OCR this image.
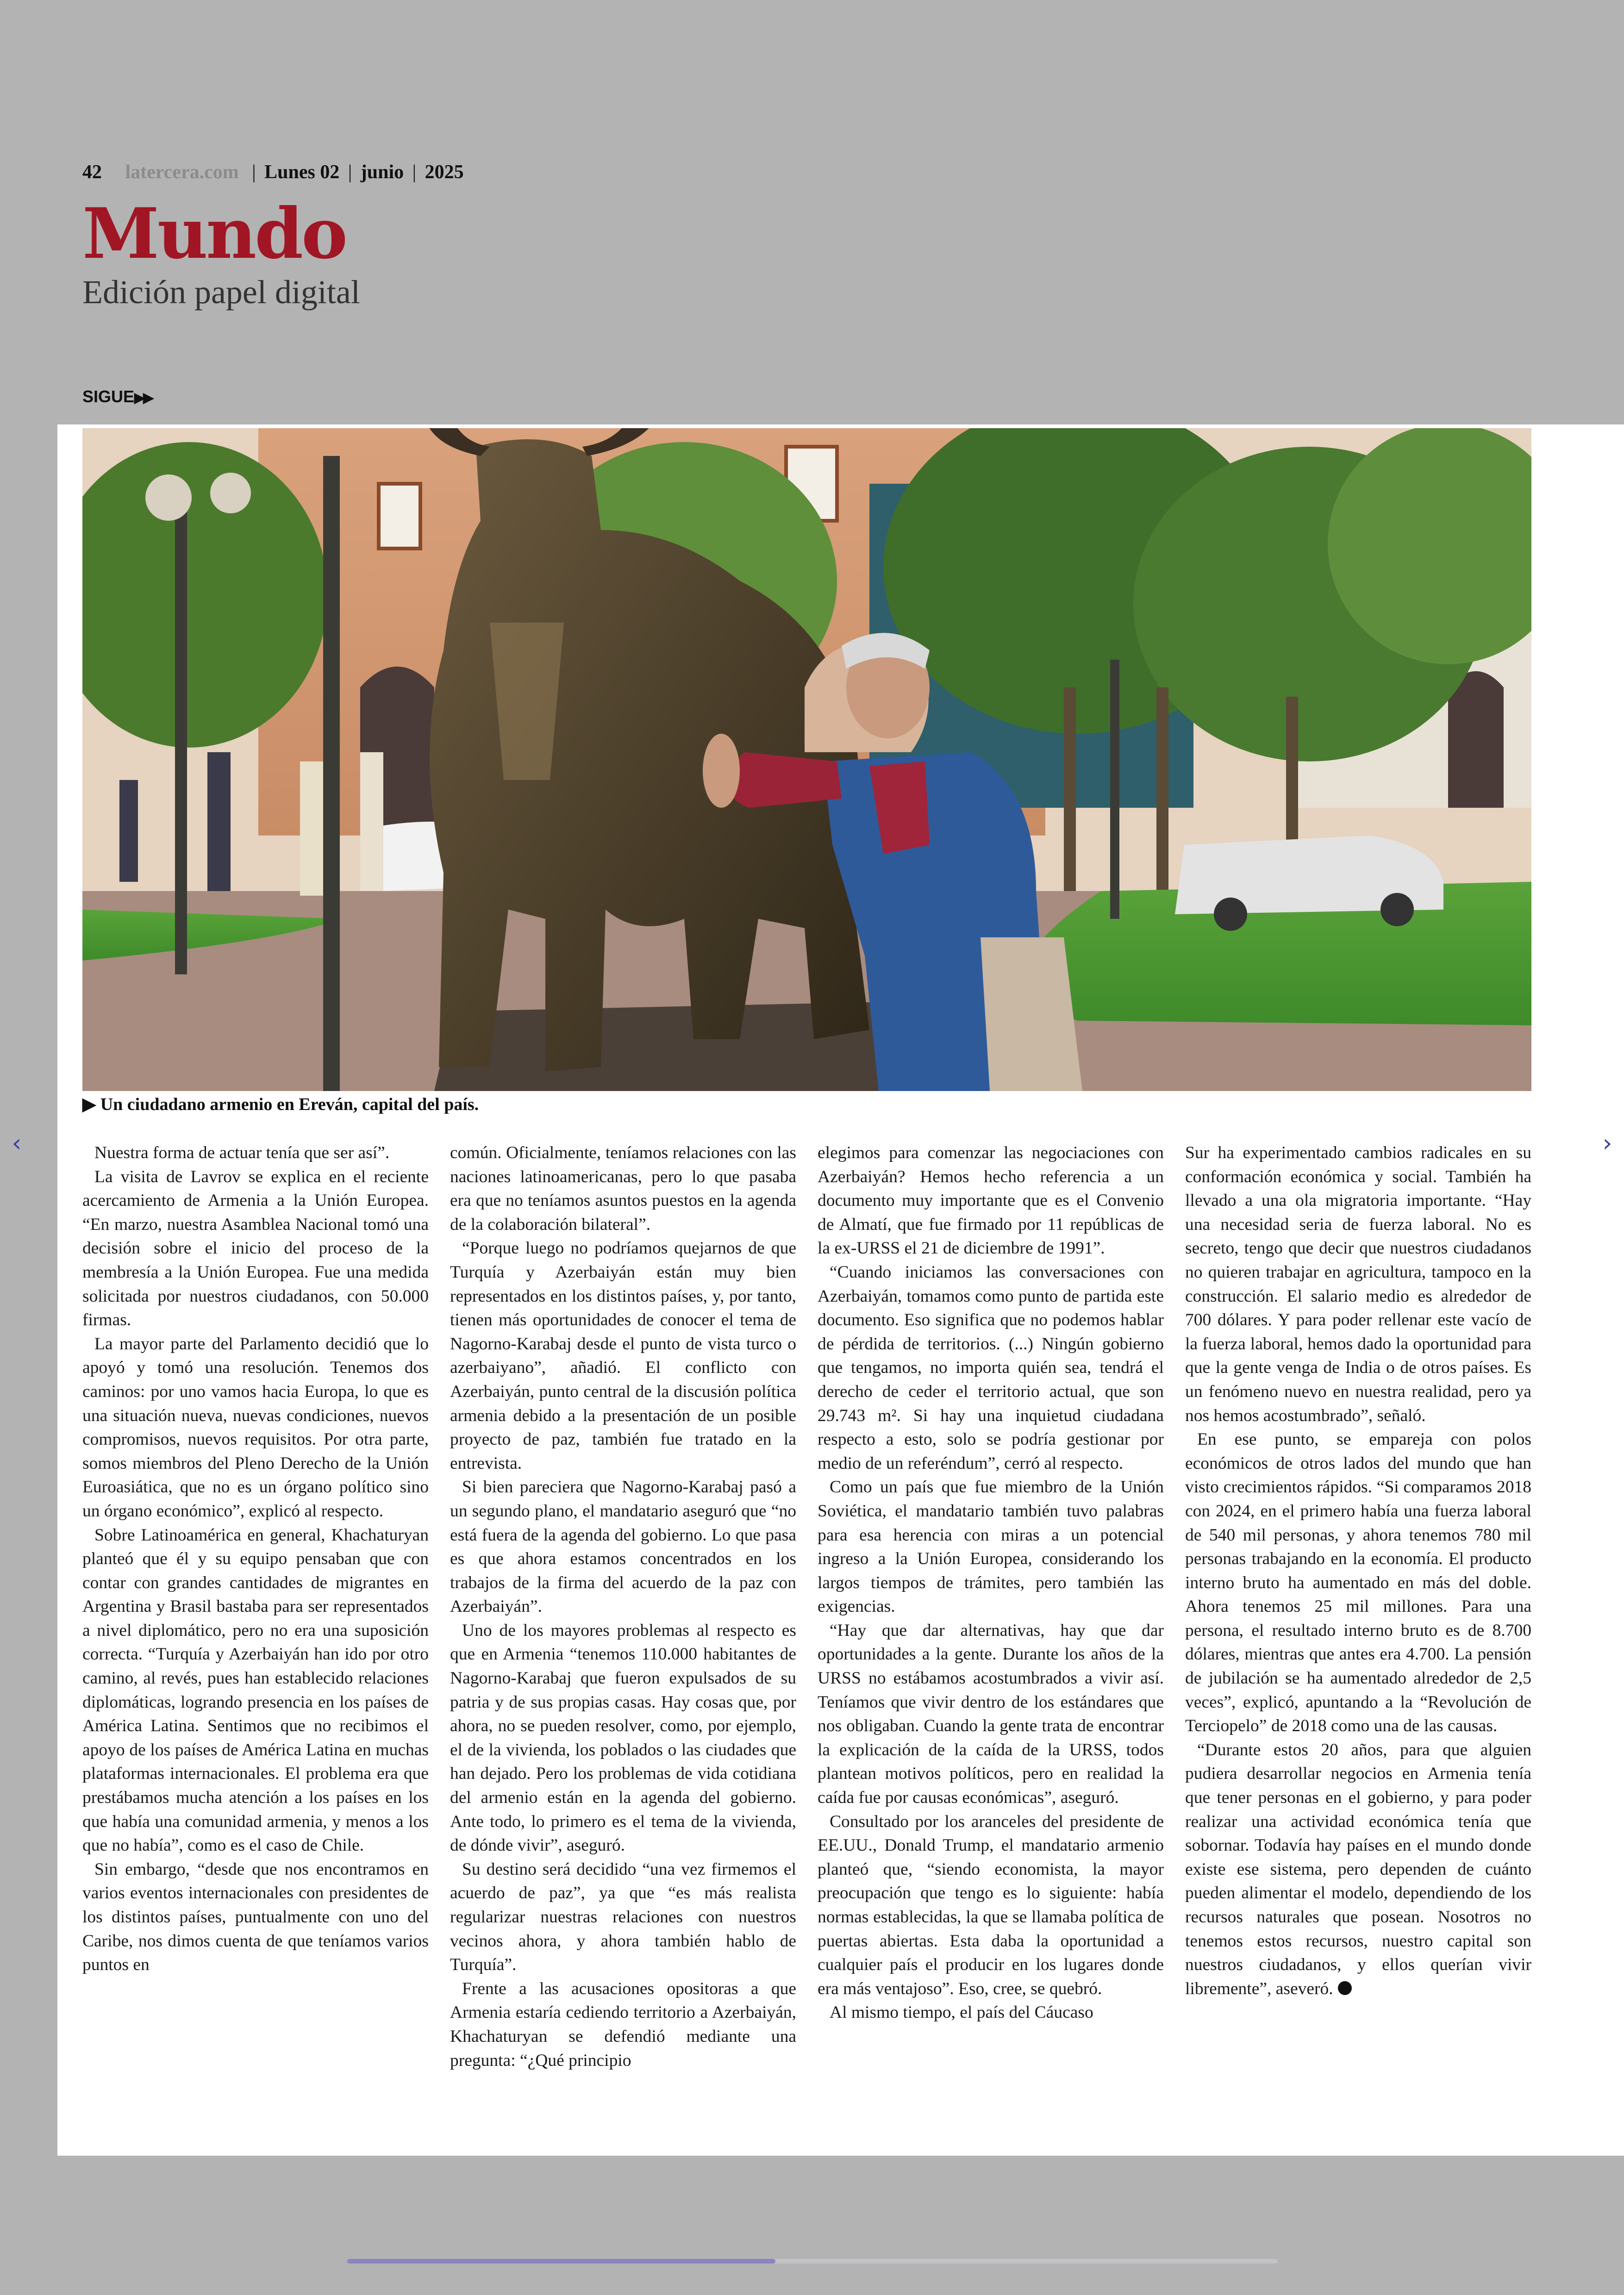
42 latercera.com | Lunes 02 | junio | 2025
Mundo
Edición papel digital
SIGUE▶▶
▶ Un ciudadano armenio en Ereván, capital del país.

Nuestra forma de actuar tenía que ser así”.

La visita de Lavrov se explica en el reciente acercamiento de Armenia a la Unión Europea. “En marzo, nuestra Asamblea Nacional tomó una decisión sobre el inicio del proceso de la membresía a la Unión Europea. Fue una medida solicitada por nuestros ciudadanos, con 50.000 firmas.

La mayor parte del Parlamento decidió que lo apoyó y tomó una resolución. Tenemos dos caminos: por uno vamos hacia Europa, lo que es una situación nueva, nuevas condiciones, nuevos compromisos, nuevos requisitos. Por otra parte, somos miembros del Pleno Derecho de la Unión Euroasiática, que no es un órgano político sino un órgano económico”, explicó al respecto.

Sobre Latinoamérica en general, Khachaturyan planteó que él y su equipo pensaban que con contar con grandes cantidades de migrantes en Argentina y Brasil bastaba para ser representados a nivel diplomático, pero no era una suposición correcta. “Turquía y Azerbaiyán han ido por otro camino, al revés, pues han establecido relaciones diplomáticas, logrando presencia en los países de América Latina. Sentimos que no recibimos el apoyo de los países de América Latina en muchas plataformas internacionales. El problema era que prestábamos mucha atención a los países en los que había una comunidad armenia, y menos a los que no había”, como es el caso de Chile.

Sin embargo, “desde que nos encontramos en varios eventos internacionales con presidentes de los distintos países, puntualmente con uno del Caribe, nos dimos cuenta de que teníamos varios puntos en

común. Oficialmente, teníamos relaciones con las naciones latinoamericanas, pero lo que pasaba era que no teníamos asuntos puestos en la agenda de la colaboración bilateral”.

“Porque luego no podríamos quejarnos de que Turquía y Azerbaiyán están muy bien representados en los distintos países, y, por tanto, tienen más oportunidades de conocer el tema de Nagorno-Karabaj desde el punto de vista turco o azerbaiyano”, añadió. El conflicto con Azerbaiyán, punto central de la discusión política armenia debido a la presentación de un posible proyecto de paz, también fue tratado en la entrevista.

Si bien pareciera que Nagorno-Karabaj pasó a un segundo plano, el mandatario aseguró que “no está fuera de la agenda del gobierno. Lo que pasa es que ahora estamos concentrados en los trabajos de la firma del acuerdo de la paz con Azerbaiyán”.

Uno de los mayores problemas al respecto es que en Armenia “tenemos 110.000 habitantes de Nagorno-Karabaj que fueron expulsados de su patria y de sus propias casas. Hay cosas que, por ahora, no se pueden resolver, como, por ejemplo, el de la vivienda, los poblados o las ciudades que han dejado. Pero los problemas de vida cotidiana del armenio están en la agenda del gobierno. Ante todo, lo primero es el tema de la vivienda, de dónde vivir”, aseguró.

Su destino será decidido “una vez firmemos el acuerdo de paz”, ya que “es más realista regularizar nuestras relaciones con nuestros vecinos ahora, y ahora también hablo de Turquía”.

Frente a las acusaciones opositoras a que Armenia estaría cediendo territorio a Azerbaiyán, Khachaturyan se defendió mediante una pregunta: “¿Qué principio

elegimos para comenzar las negociaciones con Azerbaiyán? Hemos hecho referencia a un documento muy importante que es el Convenio de Almatí, que fue firmado por 11 repúblicas de la ex-URSS el 21 de diciembre de 1991”.

“Cuando iniciamos las conversaciones con Azerbaiyán, tomamos como punto de partida este documento. Eso significa que no podemos hablar de pérdida de territorios. (...) Ningún gobierno que tengamos, no importa quién sea, tendrá el derecho de ceder el territorio actual, que son 29.743 m². Si hay una inquietud ciudadana respecto a esto, solo se podría gestionar por medio de un referéndum”, cerró al respecto.

Como un país que fue miembro de la Unión Soviética, el mandatario también tuvo palabras para esa herencia con miras a un potencial ingreso a la Unión Europea, considerando los largos tiempos de trámites, pero también las exigencias.

“Hay que dar alternativas, hay que dar oportunidades a la gente. Durante los años de la URSS no estábamos acostumbrados a vivir así. Teníamos que vivir dentro de los estándares que nos obligaban. Cuando la gente trata de encontrar la explicación de la caída de la URSS, todos plantean motivos políticos, pero en realidad la caída fue por causas económicas”, aseguró.

Consultado por los aranceles del presidente de EE.UU., Donald Trump, el mandatario armenio planteó que, “siendo economista, la mayor preocupación que tengo es lo siguiente: había normas establecidas, la que se llamaba política de puertas abiertas. Esta daba la oportunidad a cualquier país el producir en los lugares donde era más ventajoso”. Eso, cree, se quebró.

Al mismo tiempo, el país del Cáucaso

Sur ha experimentado cambios radicales en su conformación económica y social. También ha llevado a una ola migratoria importante. “Hay una necesidad seria de fuerza laboral. No es secreto, tengo que decir que nuestros ciudadanos no quieren trabajar en agricultura, tampoco en la construcción. El salario medio es alrededor de 700 dólares. Y para poder rellenar este vacío de la fuerza laboral, hemos dado la oportunidad para que la gente venga de India o de otros países. Es un fenómeno nuevo en nuestra realidad, pero ya nos hemos acostumbrado”, señaló.

En ese punto, se empareja con polos económicos de otros lados del mundo que han visto crecimientos rápidos. “Si comparamos 2018 con 2024, en el primero había una fuerza laboral de 540 mil personas, y ahora tenemos 780 mil personas trabajando en la economía. El producto interno bruto ha aumentado en más del doble. Ahora tenemos 25 mil millones. Para una persona, el resultado interno bruto es de 8.700 dólares, mientras que antes era 4.700. La pensión de jubilación se ha aumentado alrededor de 2,5 veces”, explicó, apuntando a la “Revolución de Terciopelo” de 2018 como una de las causas.

“Durante estos 20 años, para que alguien pudiera desarrollar negocios en Armenia tenía que tener personas en el gobierno, y para poder realizar una actividad económica tenía que sobornar. Todavía hay países en el mundo donde existe ese sistema, pero dependen de cuánto pueden alimentar el modelo, dependiendo de los recursos naturales que posean. Nosotros no tenemos estos recursos, nuestro capital son nuestros ciudadanos, y ellos querían vivir libremente”, aseveró.

‹	›
